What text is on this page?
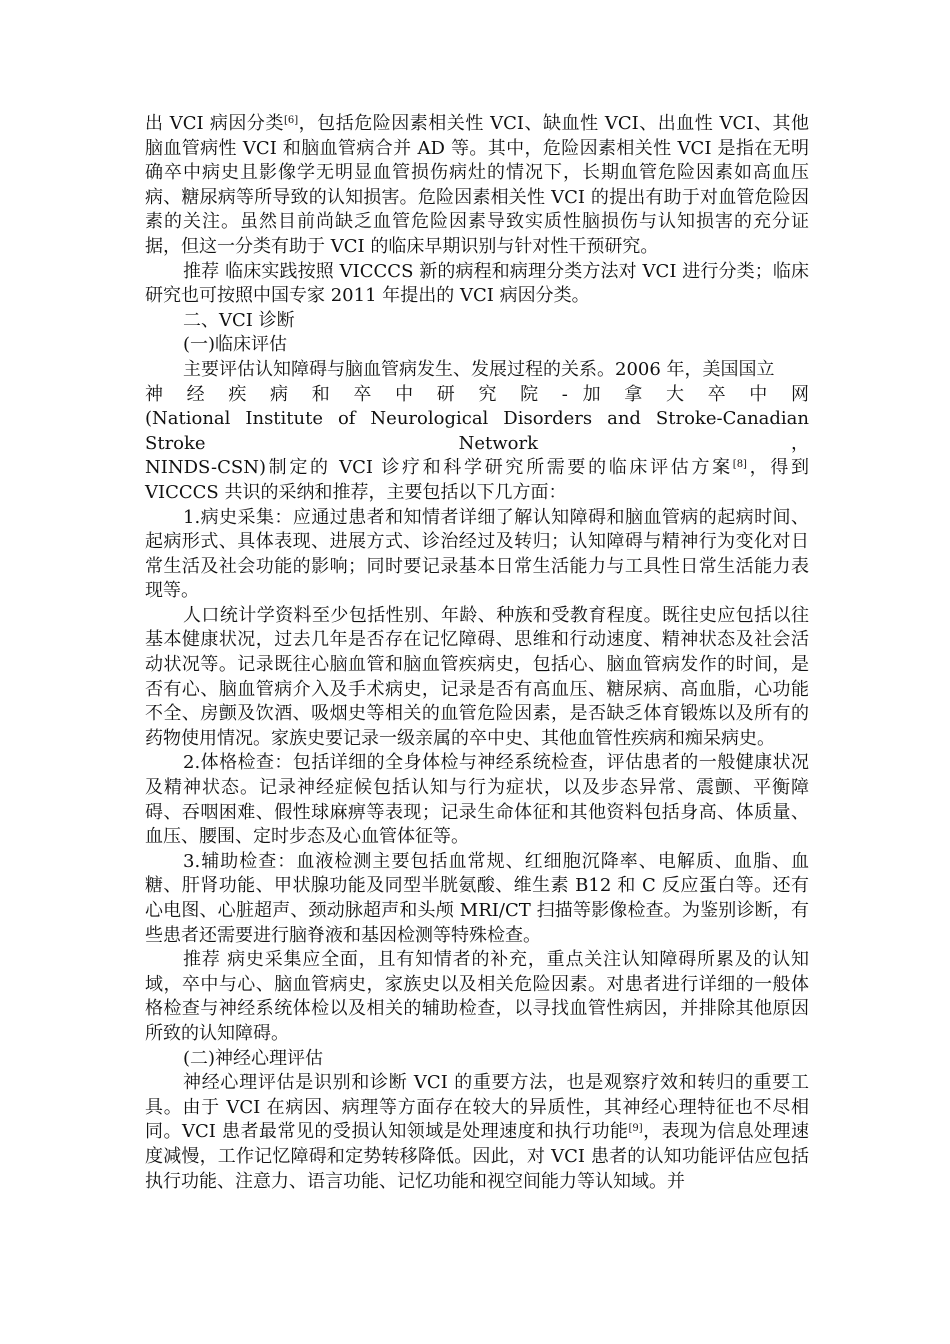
出 VCI 病因分类[6]，包括危险因素相关性 VCI、缺血性 VCI、出血性 VCI、其他脑血管病性 VCI 和脑血管病合并 AD 等。其中，危险因素相关性 VCI 是指在无明确卒中病史且影像学无明显血管损伤病灶的情况下，长期血管危险因素如高血压病、糖尿病等所导致的认知损害。危险因素相关性 VCI 的提出有助于对血管危险因素的关注。虽然目前尚缺乏血管危险因素导致实质性脑损伤与认知损害的充分证据，但这一分类有助于 VCI 的临床早期识别与针对性干预研究。

推荐 临床实践按照 VICCCS 新的病程和病理分类方法对 VCI 进行分类；临床研究也可按照中国专家 2011 年提出的 VCI 病因分类。

二、VCI 诊断

(一)临床评估

主要评估认知障碍与脑血管病发生、发展过程的关系。2006 年，美国国立

神 经 疾 病 和 卒 中 研 究 院 - 加 拿 大 卒 中 网

(National Institute of Neurological Disorders and Stroke-Canadian Stroke Network ，

NINDS-CSN)制定的 VCI 诊疗和科学研究所需要的临床评估方案[8]，得到

VICCCS 共识的采纳和推荐，主要包括以下几方面：

1.病史采集：应通过患者和知情者详细了解认知障碍和脑血管病的起病时间、起病形式、具体表现、进展方式、诊治经过及转归；认知障碍与精神行为变化对日常生活及社会功能的影响；同时要记录基本日常生活能力与工具性日常生活能力表现等。

人口统计学资料至少包括性别、年龄、种族和受教育程度。既往史应包括以往基本健康状况，过去几年是否存在记忆障碍、思维和行动速度、精神状态及社会活动状况等。记录既往心脑血管和脑血管疾病史，包括心、脑血管病发作的时间，是否有心、脑血管病介入及手术病史，记录是否有高血压、糖尿病、高血脂，心功能不全、房颤及饮酒、吸烟史等相关的血管危险因素，是否缺乏体育锻炼以及所有的药物使用情况。家族史要记录一级亲属的卒中史、其他血管性疾病和痴呆病史。

2.体格检查：包括详细的全身体检与神经系统检查，评估患者的一般健康状况及精神状态。记录神经症候包括认知与行为症状，以及步态异常、震颤、平衡障碍、吞咽困难、假性球麻痹等表现；记录生命体征和其他资料包括身高、体质量、血压、腰围、定时步态及心血管体征等。

3.辅助检查：血液检测主要包括血常规、红细胞沉降率、电解质、血脂、血糖、肝肾功能、甲状腺功能及同型半胱氨酸、维生素 B12 和 C 反应蛋白等。还有心电图、心脏超声、颈动脉超声和头颅 MRI/CT 扫描等影像检查。为鉴别诊断，有些患者还需要进行脑脊液和基因检测等特殊检查。

推荐 病史采集应全面，且有知情者的补充，重点关注认知障碍所累及的认知域，卒中与心、脑血管病史，家族史以及相关危险因素。对患者进行详细的一般体格检查与神经系统体检以及相关的辅助检查，以寻找血管性病因，并排除其他原因所致的认知障碍。

(二)神经心理评估

神经心理评估是识别和诊断 VCI 的重要方法，也是观察疗效和转归的重要工具。由于 VCI 在病因、病理等方面存在较大的异质性，其神经心理特征也不尽相同。VCI 患者最常见的受损认知领域是处理速度和执行功能[9]，表现为信息处理速度减慢，工作记忆障碍和定势转移降低。因此，对 VCI 患者的认知功能评估应包括执行功能、注意力、语言功能、记忆功能和视空间能力等认知域。并
